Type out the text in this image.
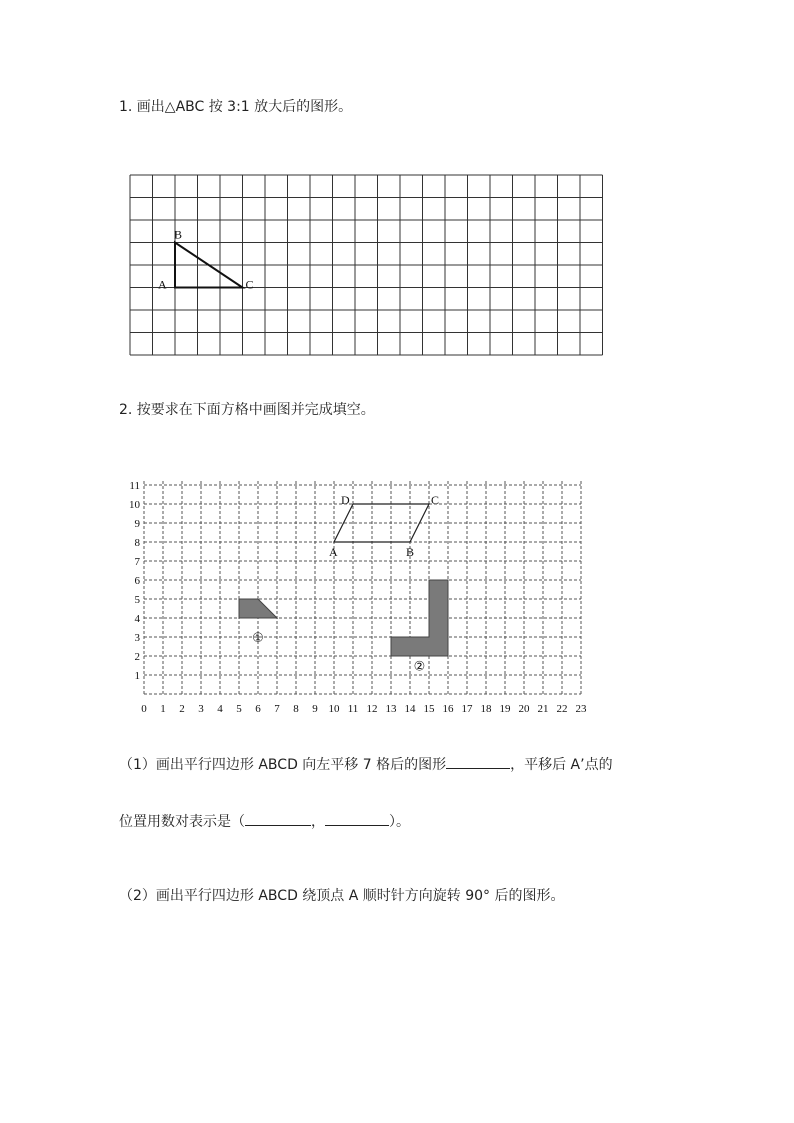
1. 画出△ABC 按 3:1 放大后的图形。
A
B
C
2. 按要求在下面方格中画图并完成填空。
0 1 2 3 4 5 6 7 8 9 10 11 12 13 14 15 16 17 18 19 20 21 22 23
1
2
3
4
5
6
7
8
9
10
11
A	B
C
D
①
②
（1）画出平行四边形 ABCD 向左平移 7 格后的图形	，平移后 A’点的
位置用数对表示是（	，	）。
（2）画出平行四边形 ABCD 绕顶点 A 顺时针方向旋转 90° 后的图形。
